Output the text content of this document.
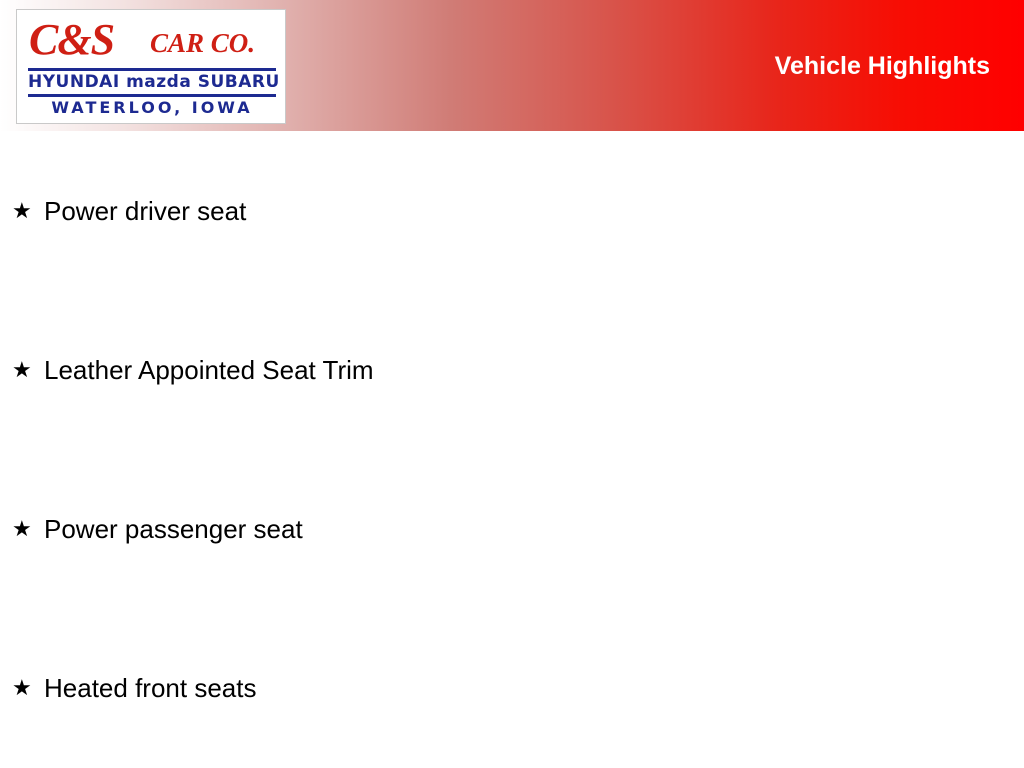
C&S CAR CO.
HYUNDAI mazda SUBARU
WATERLOO, IOWA
Vehicle Highlights
★ Power driver seat
★ Leather Appointed Seat Trim
★ Power passenger seat
★ Heated front seats
